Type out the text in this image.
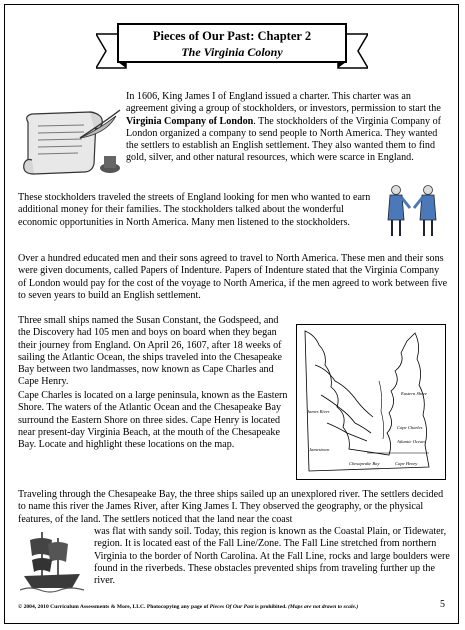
Pieces of Our Past: Chapter 2
The Virginia Colony
In 1606, King James I of England issued a charter. This charter was an agreement giving a group of stockholders, or investors, permission to start the Virginia Company of London. The stockholders of the Virginia Company of London organized a company to send people to North America. They wanted the settlers to establish an English settlement. They also wanted them to find gold, silver, and other natural resources, which were scarce in England.
These stockholders traveled the streets of England looking for men who wanted to earn additional money for their families. The stockholders talked about the wonderful economic opportunities in North America. Many men listened to the stockholders.
Over a hundred educated men and their sons agreed to travel to North America. These men and their sons were given documents, called Papers of Indenture. Papers of Indenture stated that the Virginia Company of London would pay for the cost of the voyage to North America, if the men agreed to work between five to seven years to build an English settlement.
Three small ships named the Susan Constant, the Godspeed, and the Discovery had 105 men and boys on board when they began their journey from England. On April 26, 1607, after 18 weeks of sailing the Atlantic Ocean, the ships traveled into the Chesapeake Bay between two landmasses, now known as Cape Charles and Cape Henry.
Eastern Shore
James River
Cape Charles
Atlantic Ocean
Jamestown
Chesapeake Bay	Cape Henry
Cape Charles is located on a large peninsula, known as the Eastern Shore. The waters of the Atlantic Ocean and the Chesapeake Bay surround the Eastern Shore on three sides. Cape Henry is located near present-day Virginia Beach, at the mouth of the Chesapeake Bay. Locate and highlight these locations on the map.
Traveling through the Chesapeake Bay, the three ships sailed up an unexplored river. The settlers decided to name this river the James River, after King James I. They observed the geography, or the physical features, of the land. The settlers noticed that the land near the coast
was flat with sandy soil. Today, this region is known as the Coastal Plain, or Tidewater, region. It is located east of the Fall Line/Zone. The Fall Line stretched from northern Virginia to the border of North Carolina. At the Fall Line, rocks and large boulders were found in the riverbeds. These obstacles prevented ships from traveling further up the river.
© 2004, 2010 Curriculum Assessments & More, LLC. Photocopying any page of Pieces Of Our Past is prohibited. (Maps are not drawn to scale.)	5
